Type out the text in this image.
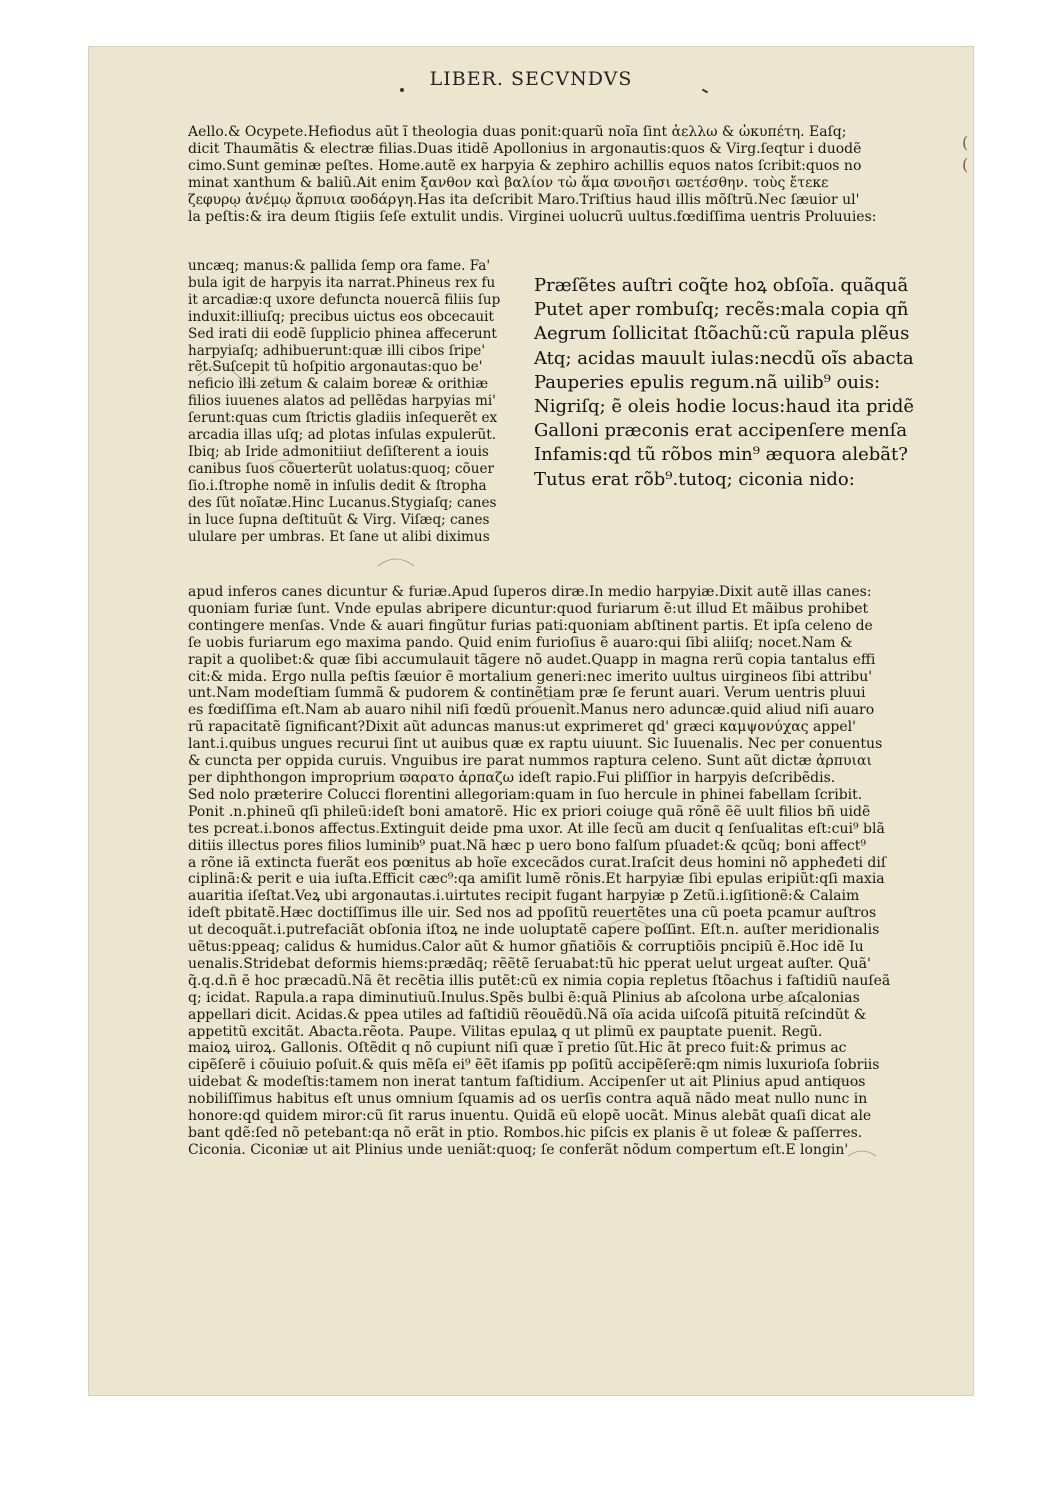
LIBER. SECVNDVS
(
(
Aello.& Ocypete.Hefiodus aũt ĩ theologia duas ponit:quarũ noĩa ſint ἀελλω & ὠκυπέτη. Eaſq;
dicit Thaumãtis & electræ filias.Duas itidẽ Apollonius in argonautis:quos & Virg.ſeqtur i duodẽ
cimo.Sunt geminæ peſtes. Home.autẽ ex harpyia & zephiro achillis equos natos ſcribit:quos no
minat xanthum & baliũ.Ait enim ξανθον καὶ βαλίον τὼ ἅμα ϖνοιῆσι ϖετέσθην. τοὺς ἔτεκε
ζεφυρῳ ἀνέμῳ ἅρπυια ϖοδάργη.Has ita deſcribit Maro.Triſtius haud illis mõſtrũ.Nec ſæuior ul'
la peſtis:& ira deum ſtigiis ſeſe extulit undis. Virginei uolucrũ uultus.fœdiſſima uentris Proluuies:
uncæq; manus:& pallida ſemp ora fame. Fa'
bula igit de harpyis ita narrat.Phineus rex fu
it arcadiæ:q uxore defuncta nouercã filiis ſup
induxit:illiuſq; precibus uictus eos obcecauit
Sed irati dii eodẽ ſupplicio phinea affecerunt
harpyiaſq; adhibuerunt:quæ illi cibos ſripe'
rẽt.Suſcepit tũ hoſpitio argonautas:quo be'
neficio illi zetum & calaim boreæ & orithiæ
filios iuuenes alatos ad pellẽdas harpyias mi'
ſerunt:quas cum ſtrictis gladiis inſequerẽt ex
arcadia illas uſq; ad plotas inſulas expulerũt.
Ibiq; ab Iride admonitiiut deſiſterent a iouis
canibus ſuos cõuerterũt uolatus:quoq; cõuer
ſio.i.ſtrophe nomẽ in inſulis dedit & ſtropha
des ſũt noĩatæ.Hinc Lucanus.Stygiaſq; canes
in luce ſupna deſtituũt & Virg. Viſæq; canes
ululare per umbras. Et ſane ut alibi diximus
Præſẽtes auſtri coq̃te hoꝝ obſoĩa. quãquã
Putet aper rombuſq; recẽs:mala copia qñ
Aegrum ſollicitat ſtõachũ:cũ rapula plẽus
Atq; acidas mauult iulas:necdũ oĩs abacta
Pauperies epulis regum.nã uilib⁹ ouis:
Nigriſq; ẽ oleis hodie locus:haud ita pridẽ
Galloni præconis erat accipenſere menſa
Infamis:qd tũ rõbos min⁹ æquora alebãt?
Tutus erat rõb⁹.tutoq; ciconia nido:
apud inferos canes dicuntur & furiæ.Apud ſuperos diræ.In medio harpyiæ.Dixit autẽ illas canes:
quoniam furiæ ſunt. Vnde epulas abripere dicuntur:quod furiarum ẽ:ut illud Et mãibus prohibet
contingere menſas. Vnde & auari fingũtur furias pati:quoniam abſtinent partis. Et ipſa celeno de
ſe uobis furiarum ego maxima pando. Quid enim furioſius ẽ auaro:qui ſibi aliiſq; nocet.Nam &
rapit a quolibet:& quæ ſibi accumulauit tãgere nõ audet.Quapp in magna rerũ copia tantalus effi
cit:& mida. Ergo nulla peſtis ſæuior ẽ mortalium generi:nec imerito uultus uirgineos ſibi attribu'
unt.Nam modeſtiam ſummã & pudorem & continẽtiam præ ſe ferunt auari. Verum uentris pluui
es fœdiſſima eſt.Nam ab auaro nihil niſi fœdũ prouenit.Manus nero aduncæ.quid aliud niſi auaro
rũ rapacitatẽ ſignificant?Dixit aũt aduncas manus:ut exprimeret qd' græci καμψονύχας appel'
lant.i.quibus ungues recurui ſint ut auibus quæ ex raptu uiuunt. Sic Iuuenalis. Nec per conuentus
& cuncta per oppida curuis. Vnguibus ire parat nummos raptura celeno. Sunt aũt dictæ ἀρπυιαι
per diphthongon improprium ϖαρατο ἀρπαζω ideſt rapio.Fui pliſſior in harpyis deſcribẽdis.
Sed nolo præterire Colucci florentini allegoriam:quam in ſuo hercule in phinei fabellam ſcribit.
Ponit .n.phineũ qſi phileũ:ideſt boni amatorẽ. Hic ex priori coiuge quã rõnẽ ẽẽ uult filios bñ uidẽ
tes pcreat.i.bonos affectus.Extinguit deide pma uxor. At ille ſecũ am ducit q ſenſualitas eſt:cui⁹ blã
ditiis illectus pores filios luminib⁹ puat.Nã hæc p uero bono falſum pſuadet:& qcũq; boni affect⁹
a rõne iã extincta fuerãt eos pœnitus ab hoĩe excecãdos curat.Iraſcit deus homini nõ appheđeti diſ
ciplinã:& perit e uia iuſta.Efficit cæc⁹:qa amiſit lumẽ rõnis.Et harpyiæ ſibi epulas eripiũt:qſi maxia
auaritia iſeſtat.Veꝝ ubi argonautas.i.uirtutes recipit fugant harpyiæ p Zetũ.i.igſitionẽ:& Calaim
ideſt pbitatẽ.Hæc doctiſſimus ille uir. Sed nos ad ppoſitũ reuertẽtes una cũ poeta pcamur auſtros
ut decoquãt.i.putrefaciãt obſonia iſtoꝝ ne inde uoluptatẽ capere poſſint. Eſt.n. auſter meridionalis
uẽtus:ppeaq; calidus & humidus.Calor aũt & humor gñatiõis & corruptiõis pncipiũ ẽ.Hoc idẽ Iu
uenalis.Stridebat deformis hiems:prædãq; rẽẽtẽ ſeruabat:tũ hic pperat uelut urgeat auſter. Quã'
q̃.q.d.ñ ẽ hoc præcadũ.Nã ẽt recẽtia illis putẽt:cũ ex nimia copia repletus ſtõachus i faſtidiũ nauſeã
q; icidat. Rapula.a rapa diminutiuũ.Inulus.Spẽs bulbi ẽ:quã Plinius ab aſcolona urbe aſcalonias
appellari dicit. Acidas.& ppea utiles ad faſtidiũ rẽouẽdũ.Nã oĩa acida uiſcoſã pituitã reſcindũt &
appetitũ excitãt. Abacta.rẽota. Paupe. Vilitas epulaꝝ q ut plimũ ex pauptate puenit. Regũ.
maioꝝ uiroꝝ. Gallonis. Oſtẽdit q nõ cupiunt niſi quæ ĩ pretio ſũt.Hic ãt preco fuit:& primus ac
cipẽſerẽ i cõuiuio poſuit.& quis mẽſa ei⁹ ẽẽt iſamis pp poſitũ accipẽſerẽ:qm nimis luxurioſa ſobriis
uidebat & modeſtis:tamem non inerat tantum faſtidium. Accipenſer ut ait Plinius apud antiquos
nobiliſſimus habitus eſt unus omnium ſquamis ad os uerſis contra aquã nãdo meat nullo nunc in
honore:qd quidem miror:cũ ſit rarus inuentu. Quidã eũ elopẽ uocãt. Minus alebãt quaſi dicat ale
bant qdẽ:ſed nõ petebant:qa nõ erãt in ptio. Rombos.hic piſcis ex planis ẽ ut foleæ & paſſerres.
Ciconia. Ciconiæ ut ait Plinius unde ueniãt:quoq; ſe conferãt nõdum compertum eſt.E longin'
